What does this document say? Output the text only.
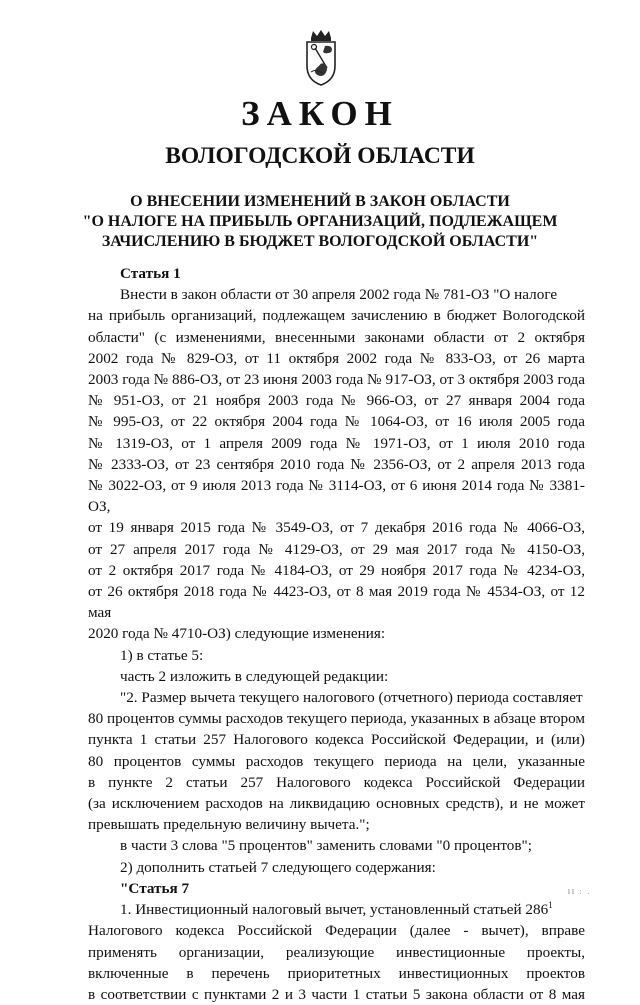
ЗАКОН
ВОЛОГОДСКОЙ ОБЛАСТИ
О ВНЕСЕНИИ ИЗМЕНЕНИЙ В ЗАКОН ОБЛАСТИ
"О НАЛОГЕ НА ПРИБЫЛЬ ОРГАНИЗАЦИЙ, ПОДЛЕЖАЩЕМ
ЗАЧИСЛЕНИЮ В БЮДЖЕТ ВОЛОГОДСКОЙ ОБЛАСТИ"
Статья 1
Внести в закон области от 30 апреля 2002 года № 781-ОЗ "О налоге
на прибыль организаций, подлежащем зачислению в бюджет Вологодской
области" (с изменениями, внесенными законами области от 2 октября
2002 года № 829-ОЗ, от 11 октября 2002 года № 833-ОЗ, от 26 марта
2003 года № 886-ОЗ, от 23 июня 2003 года № 917-ОЗ, от 3 октября 2003 года
№ 951-ОЗ, от 21 ноября 2003 года № 966-ОЗ, от 27 января 2004 года
№ 995-ОЗ, от 22 октября 2004 года № 1064-ОЗ, от 16 июля 2005 года
№ 1319-ОЗ, от 1 апреля 2009 года № 1971-ОЗ, от 1 июля 2010 года
№ 2333-ОЗ, от 23 сентября 2010 года № 2356-ОЗ, от 2 апреля 2013 года
№ 3022-ОЗ, от 9 июля 2013 года № 3114-ОЗ, от 6 июня 2014 года № 3381-ОЗ,
от 19 января 2015 года № 3549-ОЗ, от 7 декабря 2016 года № 4066-ОЗ,
от 27 апреля 2017 года № 4129-ОЗ, от 29 мая 2017 года № 4150-ОЗ,
от 2 октября 2017 года № 4184-ОЗ, от 29 ноября 2017 года № 4234-ОЗ,
от 26 октября 2018 года № 4423-ОЗ, от 8 мая 2019 года № 4534-ОЗ, от 12 мая
2020 года № 4710-ОЗ) следующие изменения:
1) в статье 5:
часть 2 изложить в следующей редакции:
"2. Размер вычета текущего налогового (отчетного) периода составляет
80 процентов суммы расходов текущего периода, указанных в абзаце втором
пункта 1 статьи 257 Налогового кодекса Российской Федерации, и (или)
80 процентов суммы расходов текущего периода на цели, указанные
в пункте 2 статьи 257 Налогового кодекса Российской Федерации
(за исключением расходов на ликвидацию основных средств), и не может
превышать предельную величину вычета.";
в части 3 слова "5 процентов" заменить словами "0 процентов";
2) дополнить статьей 7 следующего содержания:
"Статья 7
1. Инвестиционный налоговый вычет, установленный статьей $286^1$
Налогового кодекса Российской Федерации (далее - вычет), вправе
применять организации, реализующие инвестиционные проекты,
включенные в перечень приоритетных инвестиционных проектов
в соответствии с пунктами 2 и 3 части 1 статьи 5 закона области от 8 мая
ll : .
